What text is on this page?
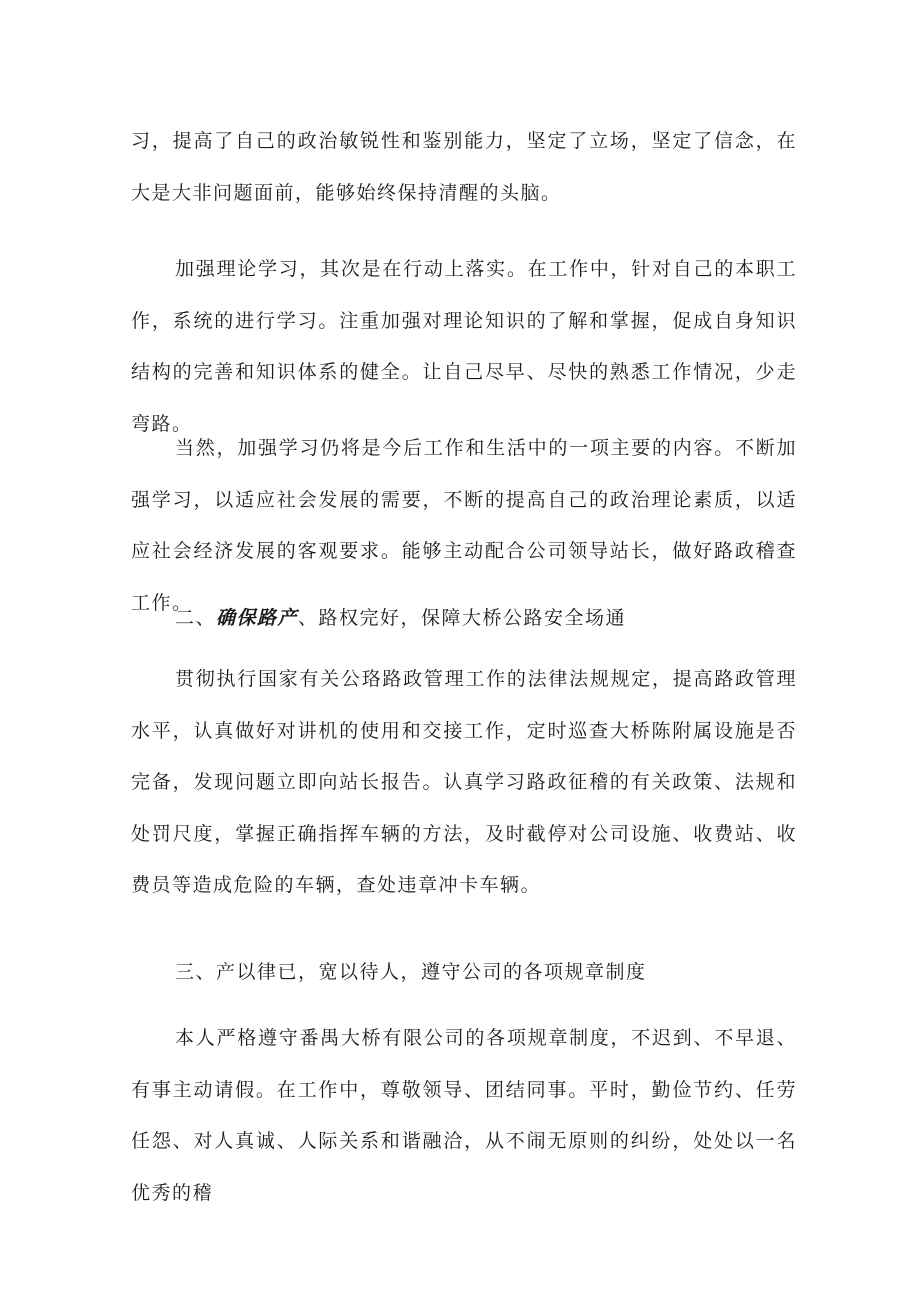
习，提高了自己的政治敏锐性和鉴别能力，坚定了立场，坚定了信念，在大是大非问题面前，能够始终保持清醒的头脑。

加强理论学习，其次是在行动上落实。在工作中，针对自己的本职工作，系统的进行学习。注重加强对理论知识的了解和掌握，促成自身知识结构的完善和知识体系的健全。让自己尽早、尽快的熟悉工作情况，少走弯路。

当然，加强学习仍将是今后工作和生活中的一项主要的内容。不断加强学习，以适应社会发展的需要，不断的提高自己的政治理论素质，以适应社会经济发展的客观要求。能够主动配合公司领导站长，做好路政稽查工作。

二、确保路产、路权完好，保障大桥公路安全场通

贯彻执行国家有关公珞路政管理工作的法律法规规定，提高路政管理水平，认真做好对讲机的使用和交接工作，定时巡查大桥陈附属设施是否完备，发现问题立即向站长报告。认真学习路政征稽的有关政策、法规和处罚尺度，掌握正确指挥车辆的方法，及时截停对公司设施、收费站、收费员等造成危险的车辆，查处违章冲卡车辆。

三、产以律已，宽以待人，遵守公司的各项规章制度

本人严格遵守番禺大桥有限公司的各项规章制度，不迟到、不早退、有事主动请假。在工作中，尊敬领导、团结同事。平时，勤俭节约、任劳任怨、对人真诚、人际关系和谐融洽，从不闹无原则的纠纷，处处以一名优秀的稽
